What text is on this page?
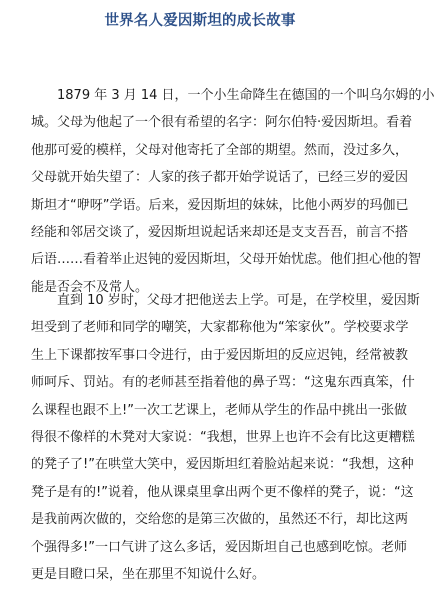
世界名人爱因斯坦的成长故事
　　1879 年 3 月 14 日，一个小生命降生在德国的一个叫乌尔姆的小
城。父母为他起了一个很有希望的名字：阿尔伯特·爱因斯坦。看着
他那可爱的模样，父母对他寄托了全部的期望。然而，没过多久，
父母就开始失望了：人家的孩子都开始学说话了，已经三岁的爱因
斯坦才“咿呀”学语。后来，爱因斯坦的妹妹，比他小两岁的玛伽已
经能和邻居交谈了，爱因斯坦说起话来却还是支支吾吾，前言不搭
后语……看着举止迟钝的爱因斯坦，父母开始忧虑。他们担心他的智
能是否会不及常人。
　　直到 10 岁时，父母才把他送去上学。可是，在学校里，爱因斯
坦受到了老师和同学的嘲笑，大家都称他为“笨家伙”。学校要求学
生上下课都按军事口令进行，由于爱因斯坦的反应迟钝，经常被教
师呵斥、罚站。有的老师甚至指着他的鼻子骂：“这鬼东西真笨，什
么课程也跟不上!”一次工艺课上，老师从学生的作品中挑出一张做
得很不像样的木凳对大家说：“我想，世界上也许不会有比这更糟糕
的凳子了!”在哄堂大笑中，爱因斯坦红着脸站起来说：“我想，这种
凳子是有的!”说着，他从课桌里拿出两个更不像样的凳子，说：“这
是我前两次做的，交给您的是第三次做的，虽然还不行，却比这两
个强得多!”一口气讲了这么多话，爱因斯坦自己也感到吃惊。老师
更是目瞪口呆，坐在那里不知说什么好。
